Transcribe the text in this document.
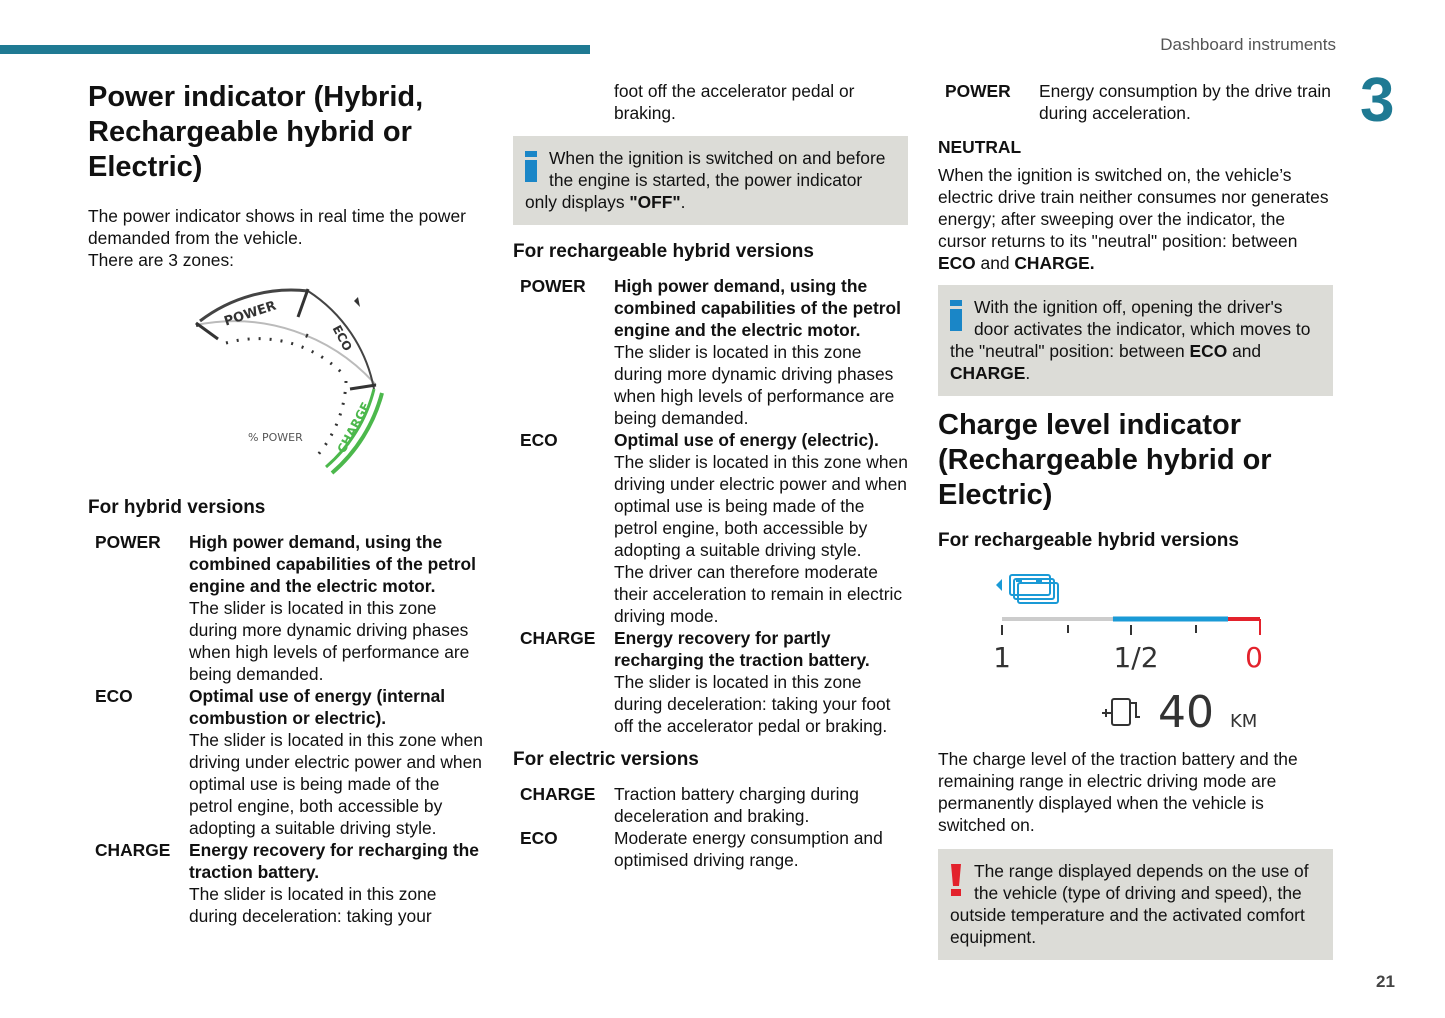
Dashboard instruments
3
21
Power indicator (Hybrid, Rechargeable hybrid or Electric)

The power indicator shows in real time the power demanded from the vehicle.

There are 3 zones:

POWER
ECO
CHARGE
% POWER
For hybrid versions
POWER	High power demand, using the combined capabilities of the petrol engine and the electric motor.
The slider is located in this zone during more dynamic driving phases when high levels of performance are being demanded.
ECO	Optimal use of energy (internal combustion or electric).
The slider is located in this zone when driving under electric power and when optimal use is being made of the petrol engine, both accessible by adopting a suitable driving style.
CHARGE	Energy recovery for recharging the traction battery.
The slider is located in this zone during deceleration: taking your
foot off the accelerator pedal or braking.
When the ignition is switched on and before the engine is started, the power indicator only displays "OFF".
For rechargeable hybrid versions
POWER	High power demand, using the combined capabilities of the petrol engine and the electric motor.
The slider is located in this zone during more dynamic driving phases when high levels of performance are being demanded.
ECO	Optimal use of energy (electric).
The slider is located in this zone when driving under electric power and when optimal use is being made of the petrol engine, both accessible by adopting a suitable driving style.
The driver can therefore moderate their acceleration to remain in electric driving mode.
CHARGE	Energy recovery for partly recharging the traction battery.
The slider is located in this zone during deceleration: taking your foot off the accelerator pedal or braking.
For electric versions
CHARGE	Traction battery charging during deceleration and braking.
ECO	Moderate energy consumption and optimised driving range.
POWER	Energy consumption by the drive train during acceleration.
NEUTRAL

When the ignition is switched on, the vehicle’s electric drive train neither consumes nor generates energy; after sweeping over the indicator, the cursor returns to its "neutral" position: between ECO and CHARGE.

With the ignition off, opening the driver's door activates the indicator, which moves to the "neutral" position: between ECO and CHARGE.
Charge level indicator (Rechargeable hybrid or Electric)
For rechargeable hybrid versions
1	1/2	0
40 KM

The charge level of the traction battery and the remaining range in electric driving mode are permanently displayed when the vehicle is switched on.

The range displayed depends on the use of the vehicle (type of driving and speed), the outside temperature and the activated comfort equipment.
